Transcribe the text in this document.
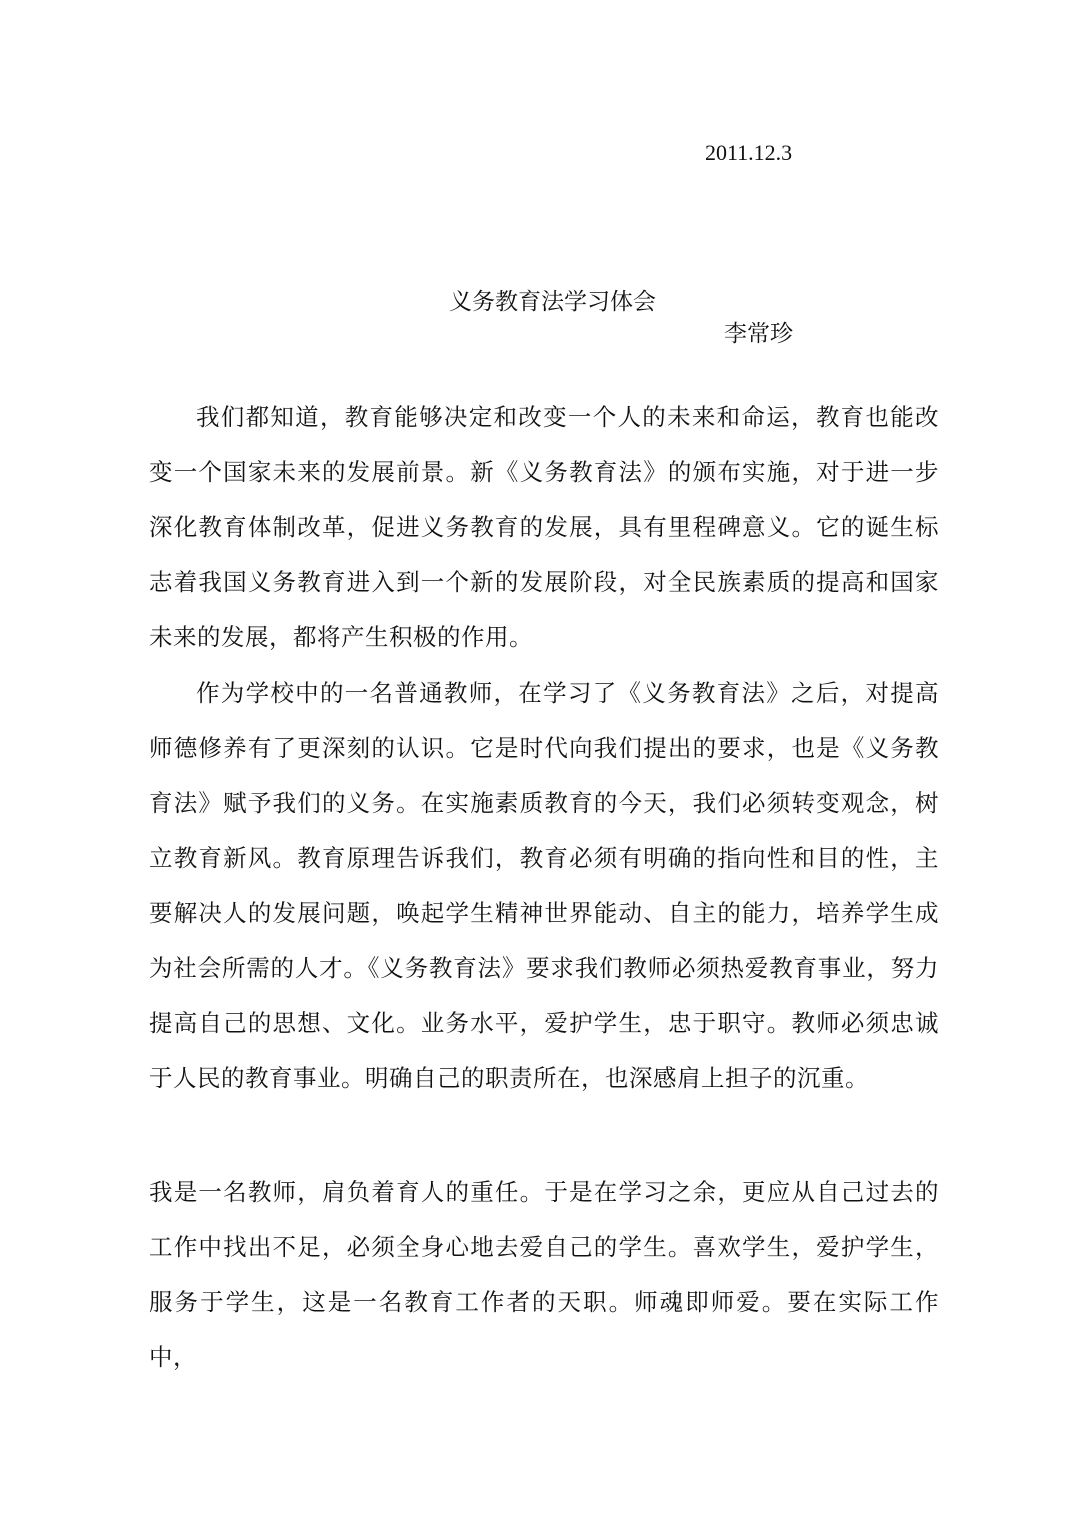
2011.12.3
义务教育法学习体会
李常珍

我们都知道，教育能够决定和改变一个人的未来和命运，教育也能改变一个国家未来的发展前景。新《义务教育法》的颁布实施，对于进一步深化教育体制改革，促进义务教育的发展，具有里程碑意义。它的诞生标志着我国义务教育进入到一个新的发展阶段，对全民族素质的提高和国家未来的发展，都将产生积极的作用。

作为学校中的一名普通教师，在学习了《义务教育法》之后，对提高师德修养有了更深刻的认识。它是时代向我们提出的要求，也是《义务教育法》赋予我们的义务。在实施素质教育的今天，我们必须转变观念，树立教育新风。教育原理告诉我们，教育必须有明确的指向性和目的性，主要解决人的发展问题，唤起学生精神世界能动、自主的能力，培养学生成为社会所需的人才。《义务教育法》要求我们教师必须热爱教育事业，努力提高自己的思想、文化。业务水平，爱护学生，忠于职守。教师必须忠诚于人民的教育事业。明确自己的职责所在，也深感肩上担子的沉重。

我是一名教师，肩负着育人的重任。于是在学习之余，更应从自己过去的工作中找出不足，必须全身心地去爱自己的学生。喜欢学生，爱护学生，服务于学生，这是一名教育工作者的天职。师魂即师爱。要在实际工作中，
